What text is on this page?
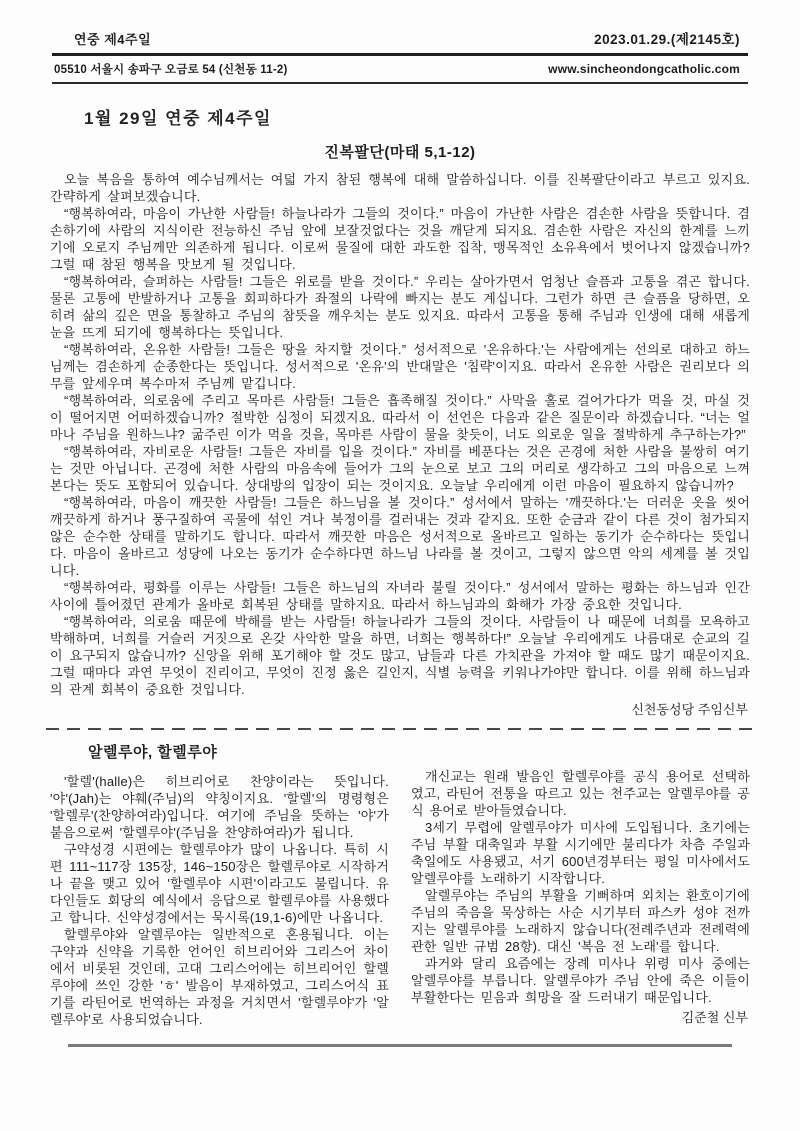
연중 제4주일	2023.01.29.(제2145호)
05510 서울시 송파구 오금로 54 (신천동 11-2)	www.sincheondongcatholic.com
1월 29일 연중 제4주일
진복팔단(마태 5,1-12)

오늘 복음을 통하여 예수님께서는 여덟 가지 참된 행복에 대해 말씀하십니다. 이를 진복팔단이라고 부르고 있지요. 간략하게 살펴보겠습니다.

“행복하여라, 마음이 가난한 사람들! 하늘나라가 그들의 것이다.” 마음이 가난한 사람은 겸손한 사람을 뜻합니다. 겸손하기에 사람의 지식이란 전능하신 주님 앞에 보잘것없다는 것을 깨닫게 되지요. 겸손한 사람은 자신의 한계를 느끼기에 오로지 주님께만 의존하게 됩니다. 이로써 물질에 대한 과도한 집착, 맹목적인 소유욕에서 벗어나지 않겠습니까? 그럴 때 참된 행복을 맛보게 될 것입니다.

“행복하여라, 슬퍼하는 사람들! 그들은 위로를 받을 것이다.” 우리는 살아가면서 엄청난 슬픔과 고통을 겪곤 합니다. 물론 고통에 반발하거나 고통을 회피하다가 좌절의 나락에 빠지는 분도 계십니다. 그런가 하면 큰 슬픔을 당하면, 오히려 삶의 깊은 면을 통찰하고 주님의 참뜻을 깨우치는 분도 있지요. 따라서 고통을 통해 주님과 인생에 대해 새롭게 눈을 뜨게 되기에 행복하다는 뜻입니다.

“행복하여라, 온유한 사람들! 그들은 땅을 차지할 것이다.” 성서적으로 '온유하다.'는 사람에게는 선의로 대하고 하느님께는 겸손하게 순종한다는 뜻입니다. 성서적으로 '온유'의 반대말은 '침략'이지요. 따라서 온유한 사람은 권리보다 의무를 앞세우며 복수마저 주님께 맡깁니다.

“행복하여라, 의로움에 주리고 목마른 사람들! 그들은 흡족해질 것이다.” 사막을 홀로 걸어가다가 먹을 것, 마실 것이 떨어지면 어떠하겠습니까? 절박한 심정이 되겠지요. 따라서 이 선언은 다음과 같은 질문이라 하겠습니다. “너는 얼마나 주님을 원하느냐? 굶주린 이가 먹을 것을, 목마른 사람이 물을 찾듯이, 너도 의로운 일을 절박하게 추구하는가?”

“행복하여라, 자비로운 사람들! 그들은 자비를 입을 것이다.” 자비를 베푼다는 것은 곤경에 처한 사람을 불쌍히 여기는 것만 아닙니다. 곤경에 처한 사람의 마음속에 들어가 그의 눈으로 보고 그의 머리로 생각하고 그의 마음으로 느껴본다는 뜻도 포함되어 있습니다. 상대방의 입장이 되는 것이지요. 오늘날 우리에게 이런 마음이 필요하지 않습니까?

“행복하여라, 마음이 깨끗한 사람들! 그들은 하느님을 볼 것이다.” 성서에서 말하는 '깨끗하다.'는 더러운 옷을 씻어 깨끗하게 하거나 풍구질하여 곡물에 섞인 겨나 북정이를 걸러내는 것과 같지요. 또한 순금과 같이 다른 것이 첨가되지 않은 순수한 상태를 말하기도 합니다. 따라서 깨끗한 마음은 성서적으로 올바르고 일하는 동기가 순수하다는 뜻입니다. 마음이 올바르고 성당에 나오는 동기가 순수하다면 하느님 나라를 볼 것이고, 그렇지 않으면 악의 세계를 볼 것입니다.

“행복하여라, 평화를 이루는 사람들! 그들은 하느님의 자녀라 불릴 것이다.” 성서에서 말하는 평화는 하느님과 인간 사이에 틀어졌던 관계가 올바로 회복된 상태를 말하지요. 따라서 하느님과의 화해가 가장 중요한 것입니다.

“행복하여라, 의로움 때문에 박해를 받는 사람들! 하늘나라가 그들의 것이다. 사람들이 나 때문에 너희를 모욕하고 박해하며, 너희를 거슬러 거짓으로 온갖 사악한 말을 하면, 너희는 행복하다!” 오늘날 우리에게도 나름대로 순교의 길이 요구되지 않습니까? 신앙을 위해 포기해야 할 것도 많고, 남들과 다른 가치관을 가져야 할 때도 많기 때문이지요. 그럴 때마다 과연 무엇이 진리이고, 무엇이 진정 옳은 길인지, 식별 능력을 키워나가야만 합니다. 이를 위해 하느님과의 관계 회복이 중요한 것입니다.

신천동성당 주임신부
알렐루야, 할렐루야

'할렐'(halle)은 히브리어로 찬양이라는 뜻입니다. '야'(Jah)는 야훼(주님)의 약칭이지요. '할렐'의 명령형은 '할렐루'(찬양하여라)입니다. 여기에 주님을 뜻하는 '야'가 붙음으로써 '할렐루야'(주님을 찬양하여라)가 됩니다.

구약성경 시편에는 할렐루야가 많이 나옵니다. 특히 시편 111~117장 135장, 146~150장은 할렐루야로 시작하거나 끝을 맺고 있어 '할렐루야 시편'이라고도 불립니다. 유다인들도 회당의 예식에서 응답으로 할렐루야를 사용했다고 합니다. 신약성경에서는 묵시록(19,1-6)에만 나옵니다.

할렐루야와 알렐루야는 일반적으로 혼용됩니다. 이는 구약과 신약을 기록한 언어인 히브리어와 그리스어 차이에서 비롯된 것인데, 고대 그리스어에는 히브리어인 할렐루야에 쓰인 강한 'ㅎ' 발음이 부재하였고, 그리스어식 표기를 라틴어로 번역하는 과정을 거치면서 '할렐루야'가 '알렐루야'로 사용되었습니다.

개신교는 원래 발음인 할렐루야를 공식 용어로 선택하였고, 라틴어 전통을 따르고 있는 천주교는 알렐루야를 공식 용어로 받아들였습니다.

3세기 무렵에 알렐루야가 미사에 도입됩니다. 초기에는 주님 부활 대축일과 부활 시기에만 불리다가 차츰 주일과 축일에도 사용됐고, 서기 600년경부터는 평일 미사에서도 알렐루야를 노래하기 시작합니다.

알렐루야는 주님의 부활을 기뻐하며 외치는 환호이기에 주님의 죽음을 묵상하는 사순 시기부터 파스카 성야 전까지는 알렐루야를 노래하지 않습니다(전례주년과 전례력에 관한 일반 규범 28항). 대신 '복음 전 노래'를 합니다.

과거와 달리 요즘에는 장례 미사나 위령 미사 중에는 알렐루야를 부릅니다. 알렐루야가 주님 안에 죽은 이들이 부활한다는 믿음과 희망을 잘 드러내기 때문입니다.

김준철 신부
